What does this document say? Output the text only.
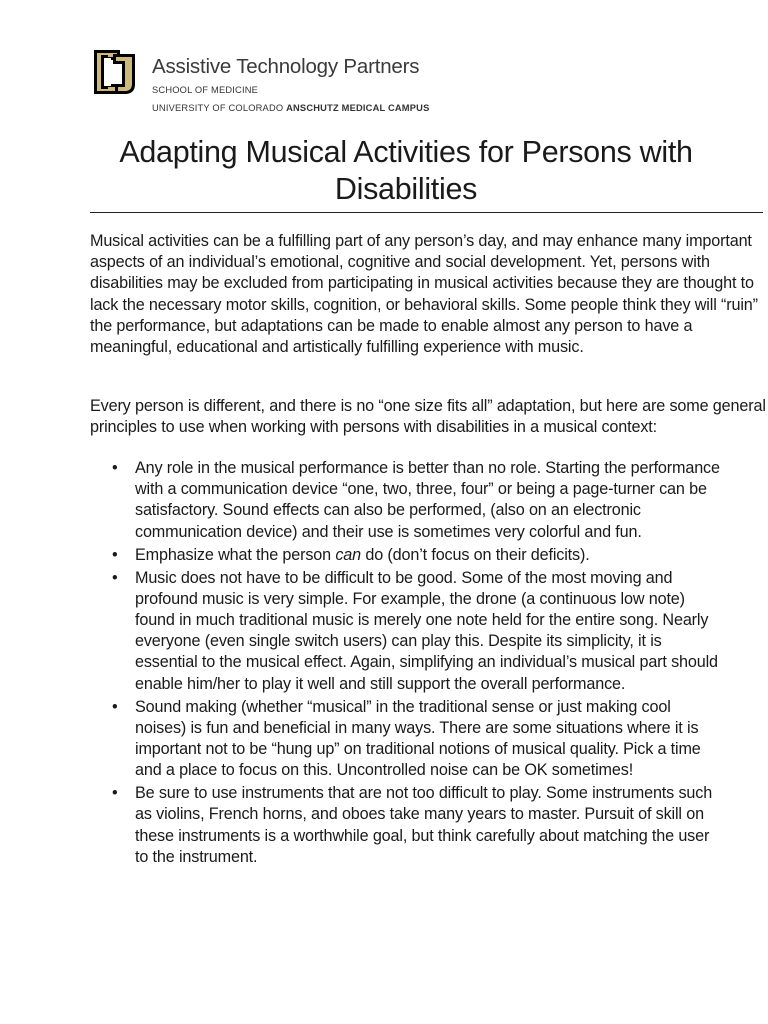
Assistive Technology Partners
SCHOOL OF MEDICINE
UNIVERSITY OF COLORADO ANSCHUTZ MEDICAL CAMPUS
Adapting Musical Activities for Persons with Disabilities

Musical activities can be a fulfilling part of any person’s day, and may enhance many important aspects of an individual’s emotional, cognitive and social development. Yet, persons with disabilities may be excluded from participating in musical activities because they are thought to lack the necessary motor skills, cognition, or behavioral skills. Some people think they will “ruin” the performance, but adaptations can be made to enable almost any person to have a meaningful, educational and artistically fulfilling experience with music.

Every person is different, and there is no “one size fits all” adaptation, but here are some general principles to use when working with persons with disabilities in a musical context:

• Any role in the musical performance is better than no role. Starting the performance with a communication device “one, two, three, four” or being a page-turner can be satisfactory. Sound effects can also be performed, (also on an electronic communication device) and their use is sometimes very colorful and fun.
• Emphasize what the person can do (don’t focus on their deficits).
• Music does not have to be difficult to be good. Some of the most moving and profound music is very simple. For example, the drone (a continuous low note) found in much traditional music is merely one note held for the entire song. Nearly everyone (even single switch users) can play this. Despite its simplicity, it is essential to the musical effect. Again, simplifying an individual’s musical part should enable him/her to play it well and still support the overall performance.
• Sound making (whether “musical” in the traditional sense or just making cool noises) is fun and beneficial in many ways. There are some situations where it is important not to be “hung up” on traditional notions of musical quality. Pick a time and a place to focus on this. Uncontrolled noise can be OK sometimes!
• Be sure to use instruments that are not too difficult to play. Some instruments such as violins, French horns, and oboes take many years to master. Pursuit of skill on these instruments is a worthwhile goal, but think carefully about matching the user to the instrument.
